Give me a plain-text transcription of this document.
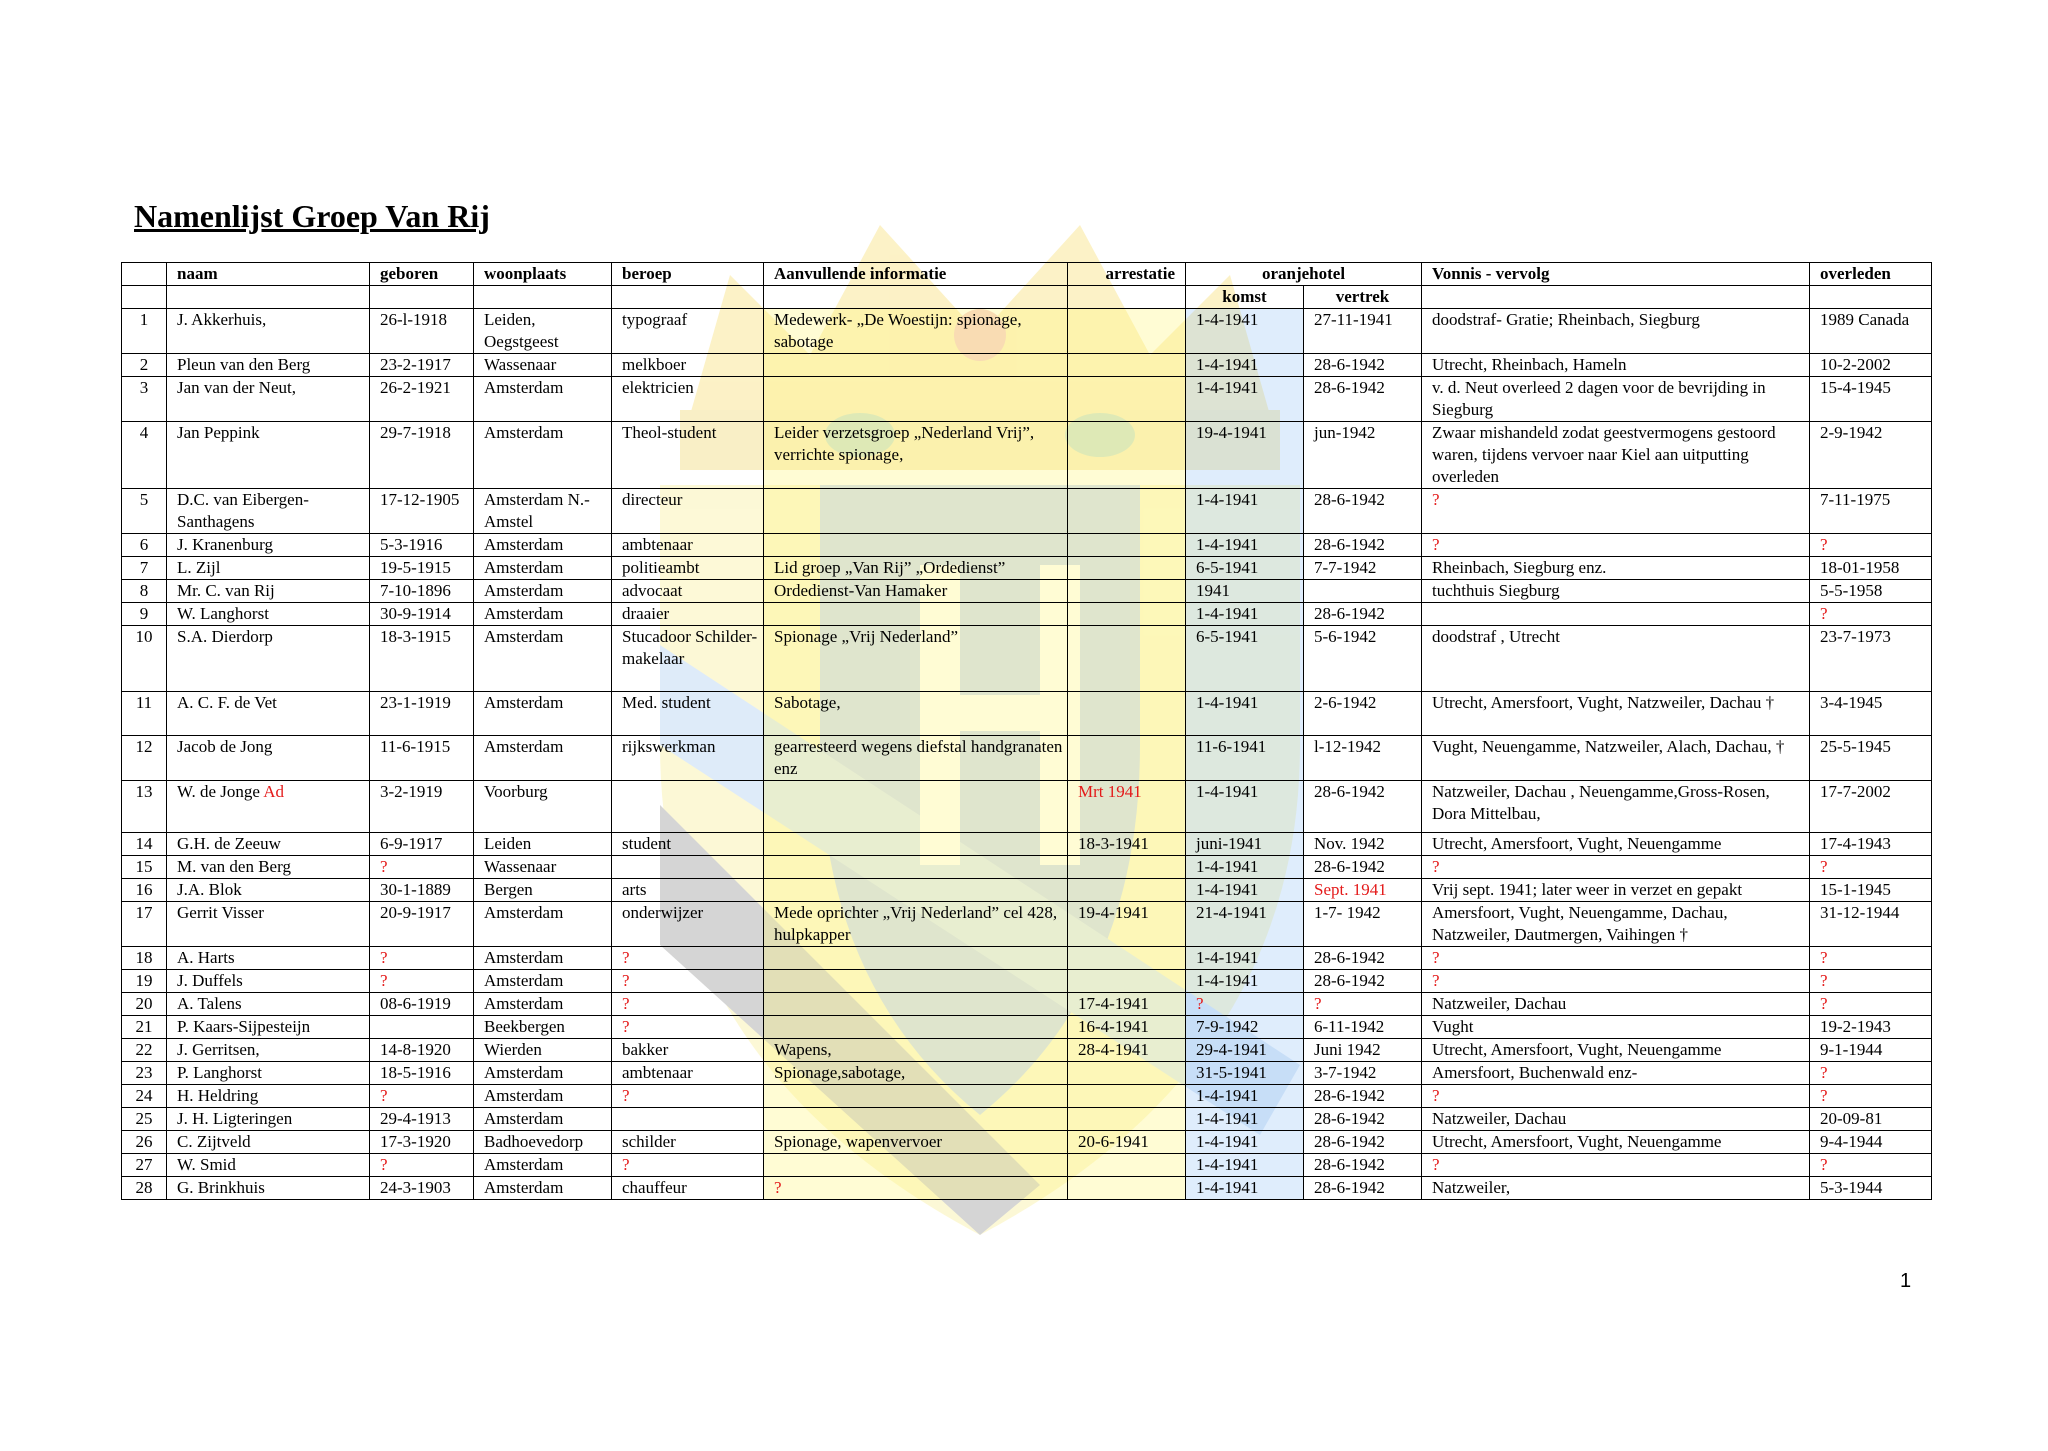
Namenlijst Groep Van Rij
	naam	geboren	woonplaats	beroep	Aanvullende informatie	arrestatie	oranjehotel		Vonnis - vervolg	overleden
							komst	vertrek		
1	J. Akkerhuis,	26-l-1918	Leiden, Oegstgeest	typograaf	Medewerk- „De Woestijn: spionage, sabotage		1-4-1941	27-11-1941	doodstraf- Gratie; Rheinbach, Siegburg	1989 Canada
2	Pleun van den Berg	23-2-1917	Wassenaar	melkboer			1-4-1941	28-6-1942	Utrecht, Rheinbach, Hameln	10-2-2002
3	Jan van der Neut,	26-2-1921	Amsterdam	elektricien			1-4-1941	28-6-1942	v. d. Neut overleed 2 dagen voor de bevrijding in Siegburg	15-4-1945
4	Jan Peppink	29-7-1918	Amsterdam	Theol-student	Leider verzetsgroep „Nederland Vrij”, verrichte spionage,		19-4-1941	jun-1942	Zwaar mishandeld zodat geestvermogens gestoord waren, tijdens vervoer naar Kiel aan uitputting overleden	2-9-1942
5	D.C. van Eibergen-Santhagens	17-12-1905	Amsterdam N.-Amstel	directeur			1-4-1941	28-6-1942	?	7-11-1975
6	J. Kranenburg	5-3-1916	Amsterdam	ambtenaar			1-4-1941	28-6-1942	?	?
7	L. Zijl	19-5-1915	Amsterdam	politieambt	Lid groep „Van Rij” „Ordedienst”		6-5-1941	7-7-1942	Rheinbach, Siegburg enz.	18-01-1958
8	Mr. C. van Rij	7-10-1896	Amsterdam	advocaat	Ordedienst-Van Hamaker		1941		tuchthuis Siegburg	5-5-1958
9	W. Langhorst	30-9-1914	Amsterdam	draaier			1-4-1941	28-6-1942		?
10	S.A. Dierdorp	18-3-1915	Amsterdam	Stucadoor Schilder-makelaar	Spionage „Vrij Nederland”		6-5-1941	5-6-1942	doodstraf , Utrecht	23-7-1973
11	A. C. F. de Vet	23-1-1919	Amsterdam	Med. student	Sabotage,		1-4-1941	2-6-1942	Utrecht, Amersfoort, Vught, Natzweiler, Dachau †	3-4-1945
12	Jacob de Jong	11-6-1915	Amsterdam	rijkswerkman	gearresteerd wegens diefstal handgranaten enz		11-6-1941	l-12-1942	Vught, Neuengamme, Natzweiler, Alach, Dachau, †	25-5-1945
13	W. de Jonge Ad	3-2-1919	Voorburg			Mrt 1941	1-4-1941	28-6-1942	Natzweiler, Dachau , Neuengamme,Gross-Rosen, Dora Mittelbau,	17-7-2002
14	G.H. de Zeeuw	6-9-1917	Leiden	student		18-3-1941	juni-1941	Nov. 1942	Utrecht, Amersfoort, Vught, Neuengamme	17-4-1943
15	M. van den Berg	?	Wassenaar				1-4-1941	28-6-1942	?	?
16	J.A. Blok	30-1-1889	Bergen	arts			1-4-1941	Sept. 1941	Vrij sept. 1941; later weer in verzet en gepakt	15-1-1945
17	Gerrit Visser	20-9-1917	Amsterdam	onderwijzer	Mede oprichter „Vrij Nederland” cel 428, hulpkapper	19-4-1941	21-4-1941	1-7- 1942	Amersfoort, Vught, Neuengamme, Dachau, Natzweiler, Dautmergen, Vaihingen †	31-12-1944
18	A. Harts	?	Amsterdam	?			1-4-1941	28-6-1942	?	?
19	J. Duffels	?	Amsterdam	?			1-4-1941	28-6-1942	?	?
20	A. Talens	08-6-1919	Amsterdam	?		17-4-1941	?	?	Natzweiler, Dachau	?
21	P. Kaars-Sijpesteijn		Beekbergen	?		16-4-1941	7-9-1942	6-11-1942	Vught	19-2-1943
22	J. Gerritsen,	14-8-1920	Wierden	bakker	Wapens,	28-4-1941	29-4-1941	Juni 1942	Utrecht, Amersfoort, Vught, Neuengamme	9-1-1944
23	P. Langhorst	18-5-1916	Amsterdam	ambtenaar	Spionage,sabotage,		31-5-1941	3-7-1942	Amersfoort, Buchenwald enz-	?
24	H. Heldring	?	Amsterdam	?			1-4-1941	28-6-1942	?	?
25	J. H. Ligteringen	29-4-1913	Amsterdam				1-4-1941	28-6-1942	Natzweiler, Dachau	20-09-81
26	C. Zijtveld	17-3-1920	Badhoevedorp	schilder	Spionage, wapenvervoer	20-6-1941	1-4-1941	28-6-1942	Utrecht, Amersfoort, Vught, Neuengamme	9-4-1944
27	W. Smid	?	Amsterdam	?			1-4-1941	28-6-1942	?	?
28	G. Brinkhuis	24-3-1903	Amsterdam	chauffeur	?		1-4-1941	28-6-1942	Natzweiler,	5-3-1944
1
